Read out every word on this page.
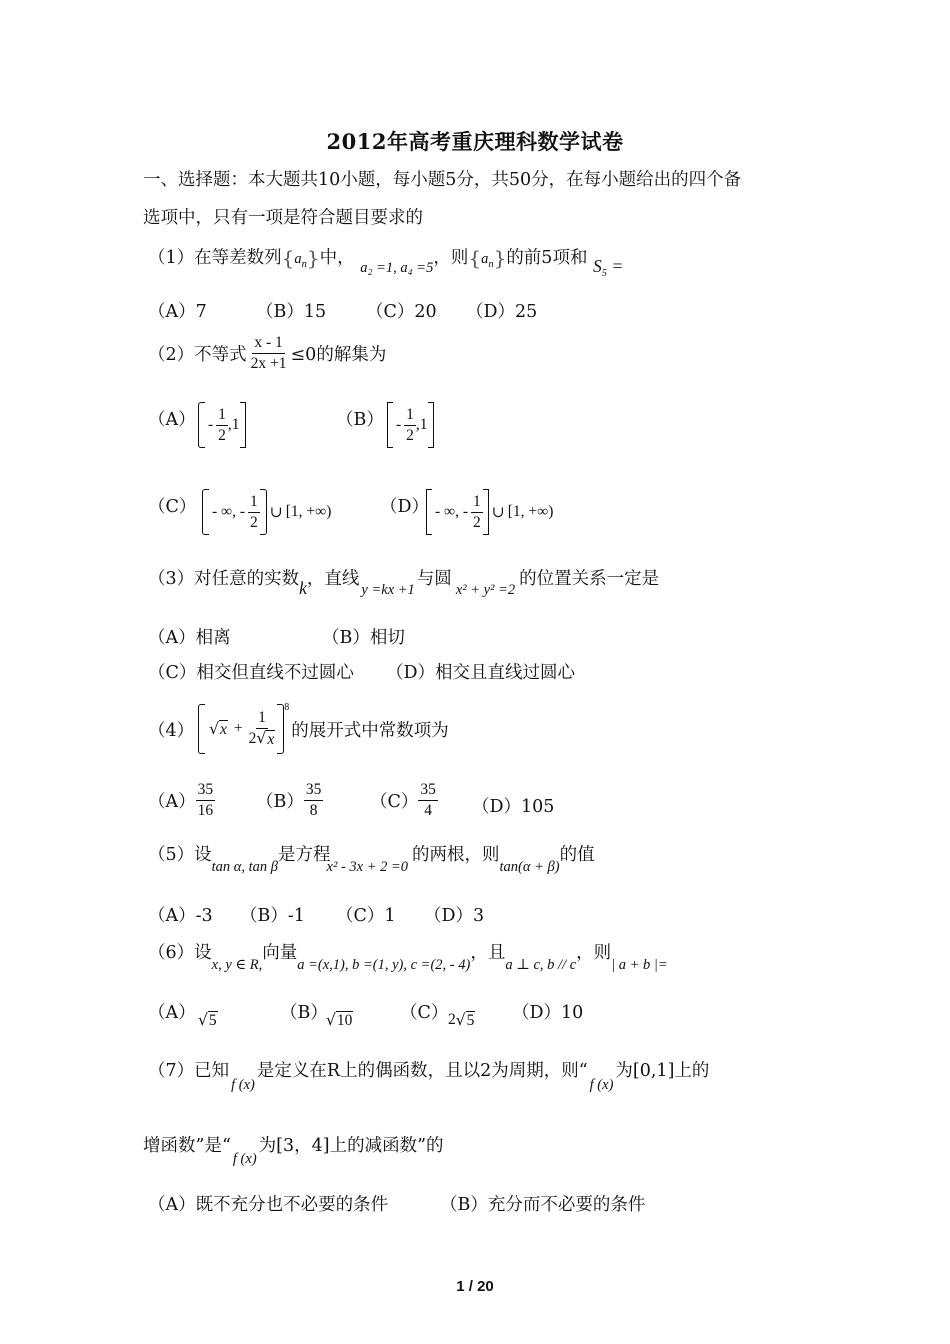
2012年高考重庆理科数学试卷
一、选择题：本大题共10小题，每小题5分，共50分，在每小题给出的四个备
选项中，只有一项是符合题目要求的
（1）在等差数列$\{a_n\}$中， $_{a_2 =1, a_4 =5}$，则$\{a_n\}$的前5项和 $S_5$ =
（A）7	（B）15 （C）20 （D）25
（2）不等式 $\frac{x - 1}{2x +1} \le 0$的解集为
$(A) - \frac{1}{2} ,1$	$(B) - \frac{1}{2} ,1$
（C） - ∞, - $\frac{1}{2}$ ∪ [ 1, +∞)	（D） - ∞, - $\frac{1}{2}$ ∪ [ 1, +∞)
（3）对任意的实数k，直线$_{y =kx +1}$与圆$_{x^2 + y^2 =2}$的位置关系一定是
（A）相离	（B）相切
（C）相交但直线不过圆心 （D）相交且直线过圆心
（4） √ $x + \frac{1}{2 √ x}$
8
的展开式中常数项为
$(A) \frac{35}{16} (B) \frac{35}{8}$	$(C) \frac{35}{4} (D)105$
（5）设$_{tan \alpha, tan \beta}$是方程$_{x^2 - 3x + 2 =0}$的两根，则$_{tan(\alpha + \beta)}$的值
（A）-3 （B）-1 （C）1 （D）3
（6）设$_{x, y \in R,}$向量$_{a =(x,1), b =(1, y), c =(2, - 4)}$，且$_{a \perp c, b // c}$，则$_{| a + b |=}$
（A） √ 5	（B）
√ 10	（C） 2 √ 5 （D）10
（7）已知$_{f (x)}$是定义在R上的偶函数，且以2为周期，则“$_{f (x)}$为[0,1]上的
增函数”是“$_{f (x)}$为[3，4]上的减函数”的
（A）既不充分也不必要的条件	（B）充分而不必要的条件
1 / 20
